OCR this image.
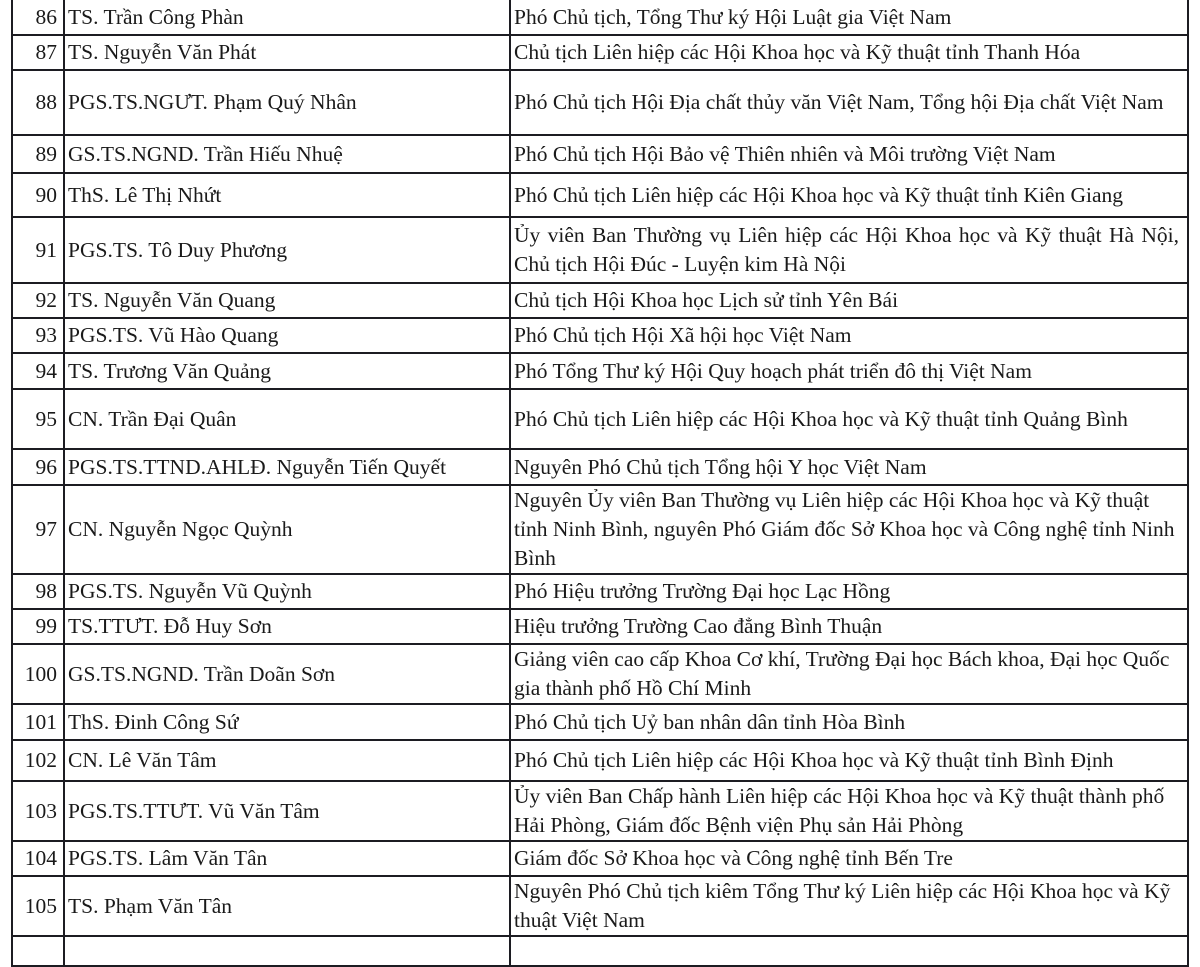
86	TS. Trần Công Phàn	Phó Chủ tịch, Tổng Thư ký Hội Luật gia Việt Nam
87	TS. Nguyễn Văn Phát	Chủ tịch Liên hiệp các Hội Khoa học và Kỹ thuật tỉnh Thanh Hóa
88	PGS.TS.NGƯT. Phạm Quý Nhân	Phó Chủ tịch Hội Địa chất thủy văn Việt Nam, Tổng hội Địa chất Việt Nam
89	GS.TS.NGND. Trần Hiếu Nhuệ	Phó Chủ tịch Hội Bảo vệ Thiên nhiên và Môi trường Việt Nam
90	ThS. Lê Thị Nhứt	Phó Chủ tịch Liên hiệp các Hội Khoa học và Kỹ thuật tỉnh Kiên Giang
91	PGS.TS. Tô Duy Phương	Ủy viên Ban Thường vụ Liên hiệp các Hội Khoa học và Kỹ thuật Hà Nội, Chủ tịch Hội Đúc - Luyện kim Hà Nội
92	TS. Nguyễn Văn Quang	Chủ tịch Hội Khoa học Lịch sử tỉnh Yên Bái
93	PGS.TS. Vũ Hào Quang	Phó Chủ tịch Hội Xã hội học Việt Nam
94	TS. Trương Văn Quảng	Phó Tổng Thư ký Hội Quy hoạch phát triển đô thị Việt Nam
95	CN. Trần Đại Quân	Phó Chủ tịch Liên hiệp các Hội Khoa học và Kỹ thuật tỉnh Quảng Bình
96	PGS.TS.TTND.AHLĐ. Nguyễn Tiến Quyết	Nguyên Phó Chủ tịch Tổng hội Y học Việt Nam
97	CN. Nguyễn Ngọc Quỳnh	Nguyên Ủy viên Ban Thường vụ Liên hiệp các Hội Khoa học và Kỹ thuật tỉnh Ninh Bình, nguyên Phó Giám đốc Sở Khoa học và Công nghệ tỉnh Ninh Bình
98	PGS.TS. Nguyễn Vũ Quỳnh	Phó Hiệu trưởng Trường Đại học Lạc Hồng
99	TS.TTƯT. Đỗ Huy Sơn	Hiệu trưởng Trường Cao đẳng Bình Thuận
100	GS.TS.NGND. Trần Doãn Sơn	Giảng viên cao cấp Khoa Cơ khí, Trường Đại học Bách khoa, Đại học Quốc gia thành phố Hồ Chí Minh
101	ThS. Đinh Công Sứ	Phó Chủ tịch Uỷ ban nhân dân tỉnh Hòa Bình
102	CN. Lê Văn Tâm	Phó Chủ tịch Liên hiệp các Hội Khoa học và Kỹ thuật tỉnh Bình Định
103	PGS.TS.TTƯT. Vũ Văn Tâm	Ủy viên Ban Chấp hành Liên hiệp các Hội Khoa học và Kỹ thuật thành phố Hải Phòng, Giám đốc Bệnh viện Phụ sản Hải Phòng
104	PGS.TS. Lâm Văn Tân	Giám đốc Sở Khoa học và Công nghệ tỉnh Bến Tre
105	TS. Phạm Văn Tân	Nguyên Phó Chủ tịch kiêm Tổng Thư ký Liên hiệp các Hội Khoa học và Kỹ thuật Việt Nam
